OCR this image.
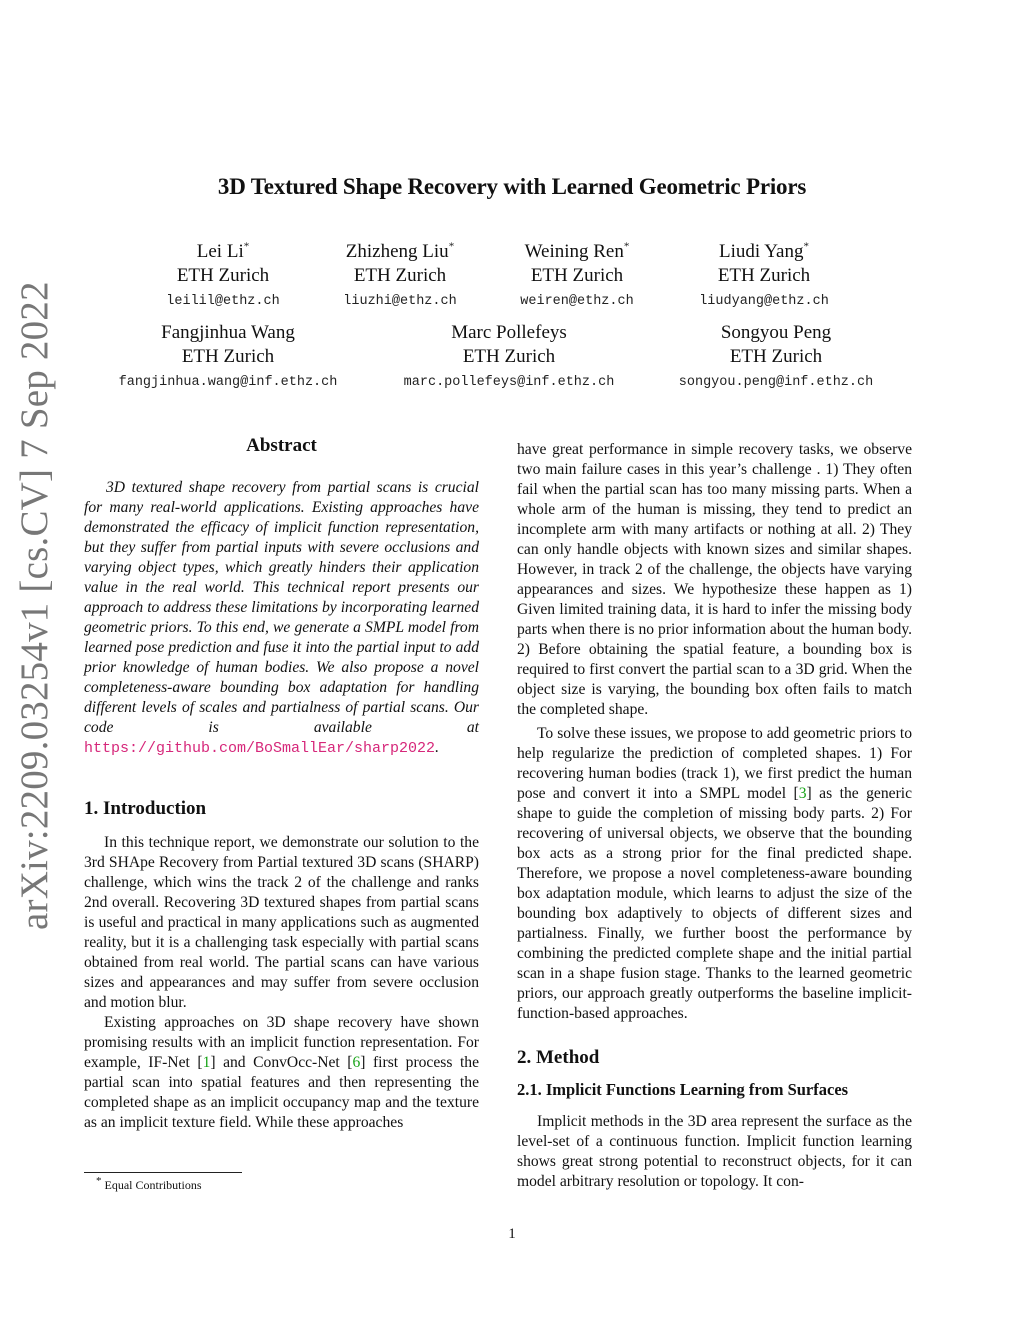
arXiv:2209.03254v1 [cs.CV] 7 Sep 2022
3D Textured Shape Recovery with Learned Geometric Priors
Lei Li*
ETH Zurich
leilil@ethz.ch
Zhizheng Liu*
ETH Zurich
liuzhi@ethz.ch
Weining Ren*
ETH Zurich
weiren@ethz.ch
Liudi Yang*
ETH Zurich
liudyang@ethz.ch
Fangjinhua Wang
ETH Zurich
fangjinhua.wang@inf.ethz.ch
Marc Pollefeys
ETH Zurich
marc.pollefeys@inf.ethz.ch
Songyou Peng
ETH Zurich
songyou.peng@inf.ethz.ch
Abstract

3D textured shape recovery from partial scans is crucial for many real-world applications. Existing approaches have demonstrated the efficacy of implicit function representation, but they suffer from partial inputs with severe occlusions and varying object types, which greatly hinders their application value in the real world. This technical report presents our approach to address these limitations by incorporating learned geometric priors. To this end, we generate a SMPL model from learned pose prediction and fuse it into the partial input to add prior knowledge of human bodies. We also propose a novel completeness-aware bounding box adaptation for handling different levels of scales and partialness of partial scans. Our code is available at https://github.com/BoSmallEar/sharp2022.

1. Introduction

In this technique report, we demonstrate our solution to the 3rd SHApe Recovery from Partial textured 3D scans (SHARP) challenge, which wins the track 2 of the challenge and ranks 2nd overall. Recovering 3D textured shapes from partial scans is useful and practical in many applications such as augmented reality, but it is a challenging task especially with partial scans obtained from real world. The partial scans can have various sizes and appearances and may suffer from severe occlusion and motion blur.

Existing approaches on 3D shape recovery have shown promising results with an implicit function representation. For example, IF-Net [1] and ConvOcc-Net [6] first process the partial scan into spatial features and then representing the completed shape as an implicit occupancy map and the texture as an implicit texture field. While these approaches

have great performance in simple recovery tasks, we observe two main failure cases in this year’s challenge . 1) They often fail when the partial scan has too many missing parts. When a whole arm of the human is missing, they tend to predict an incomplete arm with many artifacts or nothing at all. 2) They can only handle objects with known sizes and similar shapes. However, in track 2 of the challenge, the objects have varying appearances and sizes. We hypothesize these happen as 1) Given limited training data, it is hard to infer the missing body parts when there is no prior information about the human body. 2) Before obtaining the spatial feature, a bounding box is required to first convert the partial scan to a 3D grid. When the object size is varying, the bounding box often fails to match the completed shape.

To solve these issues, we propose to add geometric priors to help regularize the prediction of completed shapes. 1) For recovering human bodies (track 1), we first predict the human pose and convert it into a SMPL model [3] as the generic shape to guide the completion of missing body parts. 2) For recovering of universal objects, we observe that the bounding box acts as a strong prior for the final predicted shape. Therefore, we propose a novel completeness-aware bounding box adaptation module, which learns to adjust the size of the bounding box adaptively to objects of different sizes and partialness. Finally, we further boost the performance by combining the predicted complete shape and the initial partial scan in a shape fusion stage. Thanks to the learned geometric priors, our approach greatly outperforms the baseline implicit-function-based approaches.

2. Method
2.1. Implicit Functions Learning from Surfaces

Implicit methods in the 3D area represent the surface as the level-set of a continuous function. Implicit function learning shows great strong potential to reconstruct objects, for it can model arbitrary resolution or topology. It con-

* Equal Contributions
1
